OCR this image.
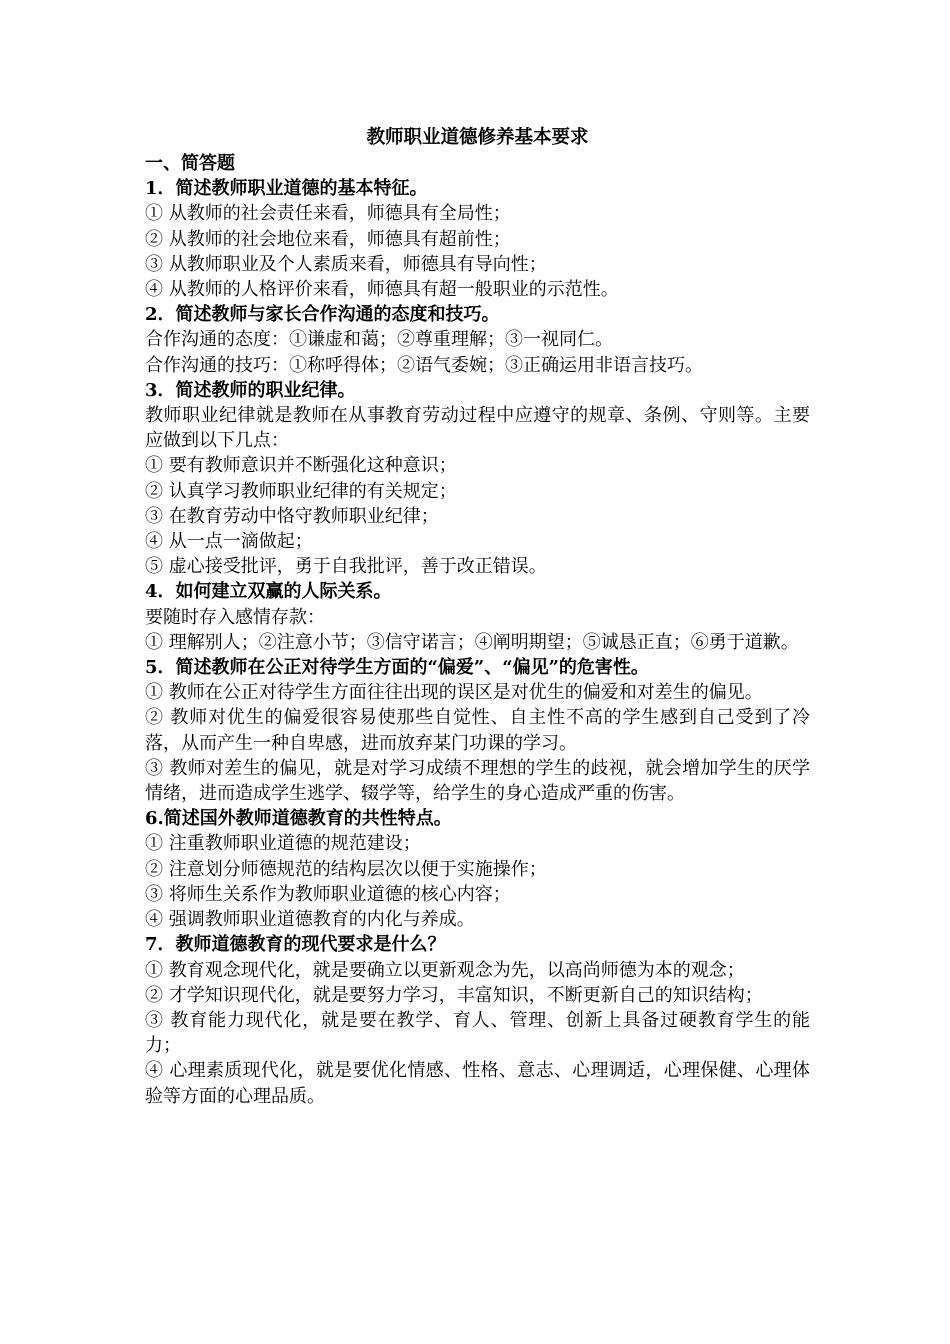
教师职业道德修养基本要求
一、简答题
1．简述教师职业道德的基本特征。
① 从教师的社会责任来看，师德具有全局性；
② 从教师的社会地位来看，师德具有超前性；
③ 从教师职业及个人素质来看，师德具有导向性；
④ 从教师的人格评价来看，师德具有超一般职业的示范性。
2．简述教师与家长合作沟通的态度和技巧。
合作沟通的态度：①谦虚和蔼；②尊重理解；③一视同仁。
合作沟通的技巧：①称呼得体；②语气委婉；③正确运用非语言技巧。
3．简述教师的职业纪律。
教师职业纪律就是教师在从事教育劳动过程中应遵守的规章、条例、守则等。主要应做到以下几点：
① 要有教师意识并不断强化这种意识；
② 认真学习教师职业纪律的有关规定；
③ 在教育劳动中恪守教师职业纪律；
④ 从一点一滴做起；
⑤ 虚心接受批评，勇于自我批评，善于改正错误。
4．如何建立双赢的人际关系。
要随时存入感情存款：
① 理解别人；②注意小节；③信守诺言；④阐明期望；⑤诚恳正直；⑥勇于道歉。
5．简述教师在公正对待学生方面的“偏爱”、“偏见”的危害性。
① 教师在公正对待学生方面往往出现的误区是对优生的偏爱和对差生的偏见。
② 教师对优生的偏爱很容易使那些自觉性、自主性不高的学生感到自己受到了冷落，从而产生一种自卑感，进而放弃某门功课的学习。
③ 教师对差生的偏见，就是对学习成绩不理想的学生的歧视，就会增加学生的厌学情绪，进而造成学生逃学、辍学等，给学生的身心造成严重的伤害。
6.简述国外教师道德教育的共性特点。
① 注重教师职业道德的规范建设；
② 注意划分师德规范的结构层次以便于实施操作；
③ 将师生关系作为教师职业道德的核心内容；
④ 强调教师职业道德教育的内化与养成。
7．教师道德教育的现代要求是什么？
① 教育观念现代化，就是要确立以更新观念为先，以高尚师德为本的观念；
② 才学知识现代化，就是要努力学习，丰富知识，不断更新自己的知识结构；
③ 教育能力现代化，就是要在教学、育人、管理、创新上具备过硬教育学生的能力；
④ 心理素质现代化，就是要优化情感、性格、意志、心理调适，心理保健、心理体验等方面的心理品质。
